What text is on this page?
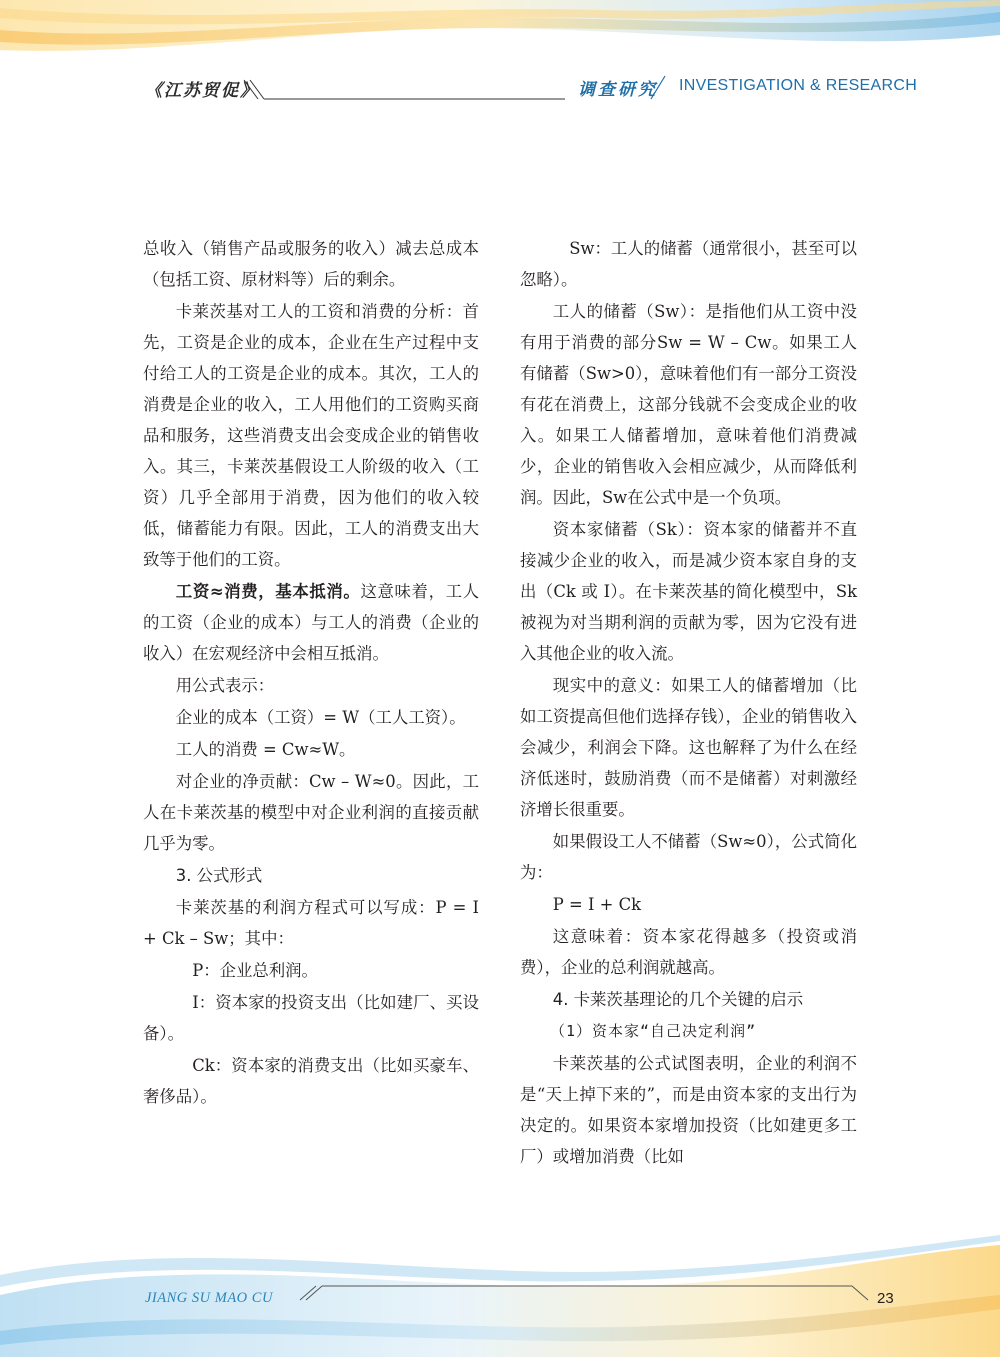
《江苏贸促》	调查研究 INVESTIGATION & RESEARCH

总收入（销售产品或服务的收入）减去总成本（包括工资、原材料等）后的剩余。

卡莱茨基对工人的工资和消费的分析：首先，工资是企业的成本，企业在生产过程中支付给工人的工资是企业的成本。其次，工人的消费是企业的收入，工人用他们的工资购买商品和服务，这些消费支出会变成企业的销售收入。其三，卡莱茨基假设工人阶级的收入（工资）几乎全部用于消费，因为他们的收入较低，储蓄能力有限。因此，工人的消费支出大致等于他们的工资。

工资≈消费，基本抵消。这意味着，工人的工资（企业的成本）与工人的消费（企业的收入）在宏观经济中会相互抵消。

用公式表示：

企业的成本（工资）= W（工人工资）。

工人的消费 = Cw≈W。

对企业的净贡献：Cw – W≈0。因此，工人在卡莱茨基的模型中对企业利润的直接贡献几乎为零。

3. 公式形式

卡莱茨基的利润方程式可以写成：P = I + Ck – Sw；其中：

P：企业总利润。

I：资本家的投资支出（比如建厂、买设备）。

Ck：资本家的消费支出（比如买豪车、奢侈品）。

Sw：工人的储蓄（通常很小，甚至可以忽略）。

工人的储蓄（Sw）：是指他们从工资中没有用于消费的部分Sw = W – Cw。如果工人有储蓄（Sw>0），意味着他们有一部分工资没有花在消费上，这部分钱就不会变成企业的收入。如果工人储蓄增加，意味着他们消费减少，企业的销售收入会相应减少，从而降低利润。因此，Sw在公式中是一个负项。

资本家储蓄（Sk）：资本家的储蓄并不直接减少企业的收入，而是减少资本家自身的支出（Ck 或 I）。在卡莱茨基的简化模型中，Sk 被视为对当期利润的贡献为零，因为它没有进入其他企业的收入流。

现实中的意义：如果工人的储蓄增加（比如工资提高但他们选择存钱），企业的销售收入会减少，利润会下降。这也解释了为什么在经济低迷时，鼓励消费（而不是储蓄）对刺激经济增长很重要。

如果假设工人不储蓄（Sw≈0），公式简化为：

P = I + Ck

这意味着：资本家花得越多（投资或消费），企业的总利润就越高。

4. 卡莱茨基理论的几个关键的启示

（1）资本家“自己决定利润”

卡莱茨基的公式试图表明，企业的利润不是“天上掉下来的”，而是由资本家的支出行为决定的。如果资本家增加投资（比如建更多工厂）或增加消费（比如

JIANG SU MAO CU	23
